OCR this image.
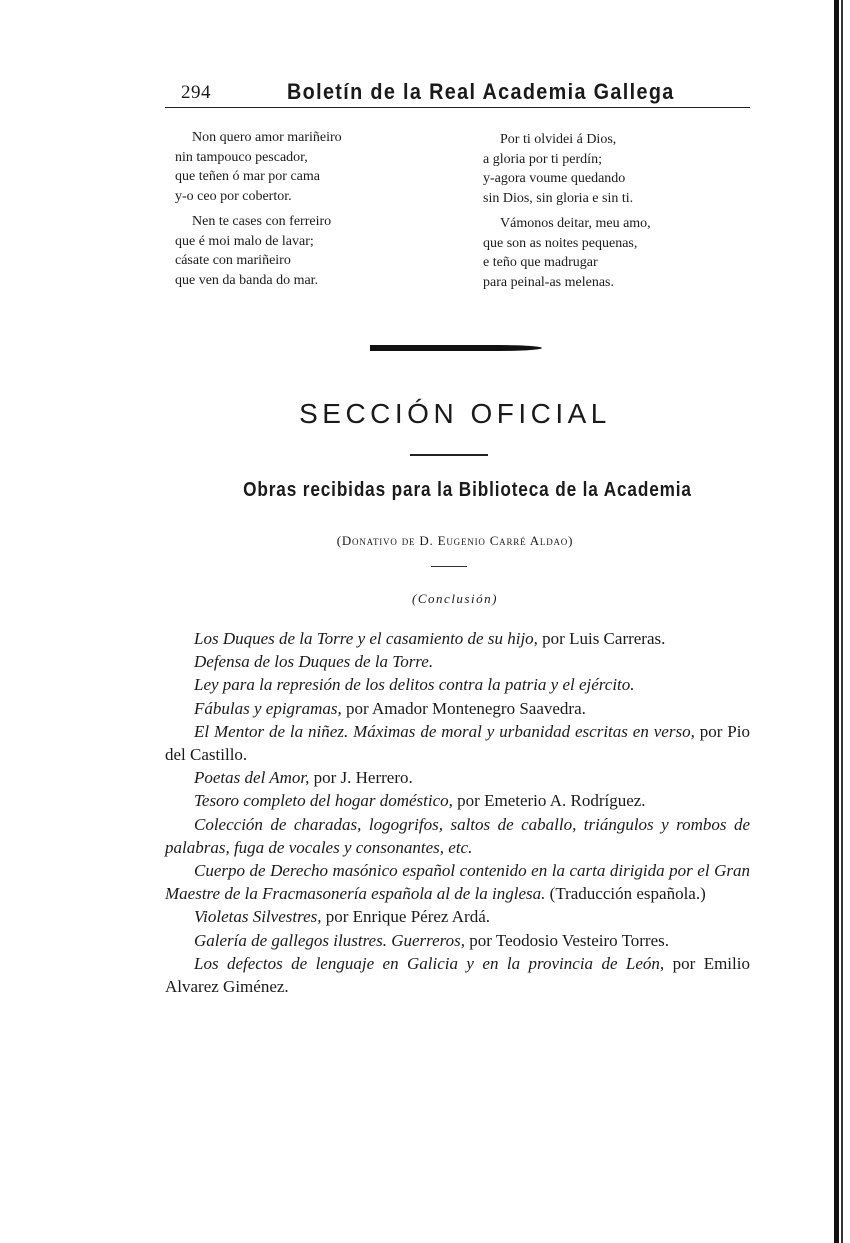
294	Boletín de la Real Academia Gallega
Non quero amor mariñeiro
nin tampouco pescador,
que teñen ó mar por cama
y-o ceo por cobertor.
Nen te cases con ferreiro
que é moi malo de lavar;
cásate con mariñeiro
que ven da banda do mar.
Por ti olvidei á Dios,
a gloria por ti perdín;
y-agora voume quedando
sin Dios, sin gloria e sin ti.
Vámonos deitar, meu amo,
que son as noites pequenas,
e teño que madrugar
para peinal-as melenas.
SECCIÓN OFICIAL
Obras recibidas para la Biblioteca de la Academia
(Donativo de D. Eugenio Carré Aldao)
(Conclusión)

Los Duques de la Torre y el casamiento de su hijo, por Luis Carreras.

Defensa de los Duques de la Torre.

Ley para la represión de los delitos contra la patria y el ejército.

Fábulas y epigramas, por Amador Montenegro Saavedra.

El Mentor de la niñez. Máximas de moral y urbanidad escritas en verso, por Pio del Castillo.

Poetas del Amor, por J. Herrero.

Tesoro completo del hogar doméstico, por Emeterio A. Rodríguez.

Colección de charadas, logogrifos, saltos de caballo, triángulos y rombos de palabras, fuga de vocales y consonantes, etc.

Cuerpo de Derecho masónico español contenido en la carta dirigida por el Gran Maestre de la Fracmasonería española al de la inglesa. (Traducción española.)

Violetas Silvestres, por Enrique Pérez Ardá.

Galería de gallegos ilustres. Guerreros, por Teodosio Vesteiro Torres.

Los defectos de lenguaje en Galicia y en la provincia de León, por Emilio Alvarez Giménez.
